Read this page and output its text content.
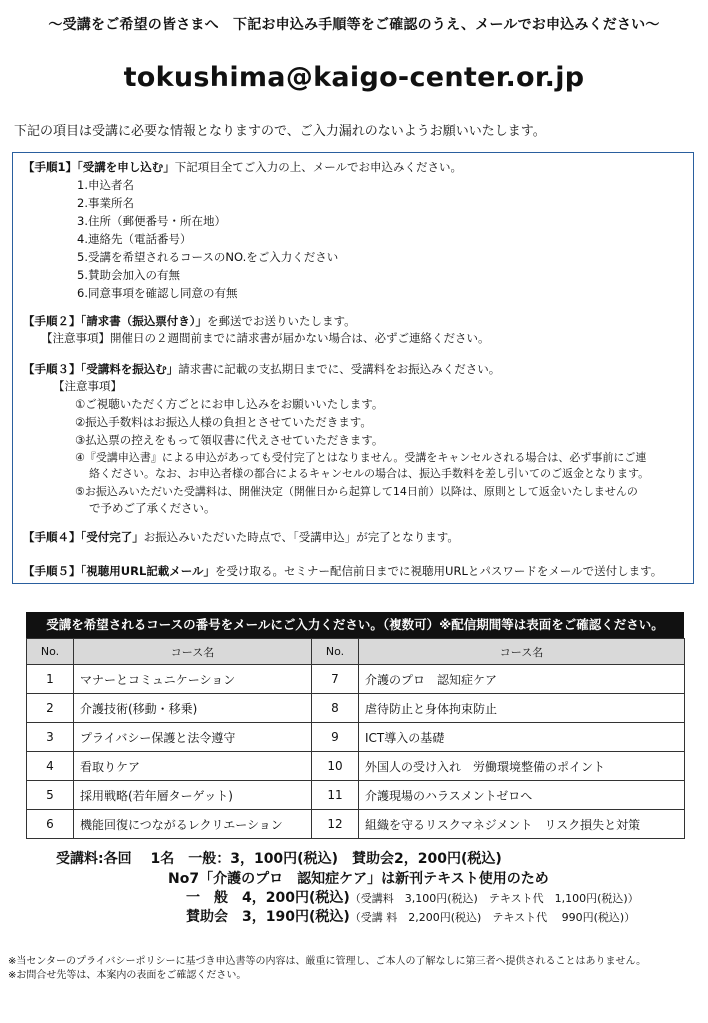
～受講をご希望の皆さまへ　下記お申込み手順等をご確認のうえ、メールでお申込みください～
tokushima@kaigo-center.or.jp
下記の項目は受講に必要な情報となりますので、ご入力漏れのないようお願いいたします。
【手順1】「受講を申し込む」下記項目全てご入力の上、メールでお申込みください。
1.申込者名
2.事業所名
3.住所（郵便番号・所在地）
4.連絡先（電話番号）
5.受講を希望されるコースのNO.をご入力ください
5.賛助会加入の有無
6.同意事項を確認し同意の有無
【手順２】「請求書（振込票付き）」を郵送でお送りいたします。
【注意事項】開催日の２週間前までに請求書が届かない場合は、必ずご連絡ください。
【手順３】「受講料を振込む」請求書に記載の支払期日までに、受講料をお振込みください。
【注意事項】
①ご視聴いただく方ごとにお申し込みをお願いいたします。
②振込手数料はお振込人様の負担とさせていただきます。
③払込票の控えをもって領収書に代えさせていただきます。
④『受講申込書』による申込があっても受付完了とはなりません。受講をキャンセルされる場合は、必ず事前にご連
絡ください。なお、お申込者様の都合によるキャンセルの場合は、振込手数料を差し引いてのご返金となります。
⑤お振込みいただいた受講料は、開催決定（開催日から起算して14日前）以降は、原則として返金いたしませんの
で予めご了承ください。
【手順４】「受付完了」お振込みいただいた時点で、「受講申込」が完了となります。
【手順５】「視聴用URL記載メール」を受け取る。セミナー配信前日までに視聴用URLとパスワードをメールで送付します。
受講を希望されるコースの番号をメールにご入力ください。（複数可）※配信期間等は表面をご確認ください。
No.	コース名	No.	コース名
1	マナーとコミュニケーション	7	介護のプロ　認知症ケア
2	介護技術(移動・移乗)	8	虐待防止と身体拘束防止
3	プライバシー保護と法令遵守	9	ICT導入の基礎
4	看取りケア	10	外国人の受け入れ　労働環境整備のポイント
5	採用戦略(若年層ターゲット)	11	介護現場のハラスメントゼロへ
6	機能回復につながるレクリエーション	12	組織を守るリスクマネジメント　リスク損失と対策
受講料:各回　 1名　一般：3，100円(税込)　賛助会2，200円(税込)
No7「介護のプロ　認知症ケア」は新刊テキスト使用のため
一　般　4，200円(税込)（受講料　3,100円(税込)　テキスト代　1,100円(税込)）
賛助会　3，190円(税込)（受講 料　2,200円(税込)　テキスト代　 990円(税込)）
※当センターのプライバシーポリシーに基づき申込書等の内容は、厳重に管理し、ご本人の了解なしに第三者へ提供されることはありません。
※お問合せ先等は、本案内の表面をご確認ください。
